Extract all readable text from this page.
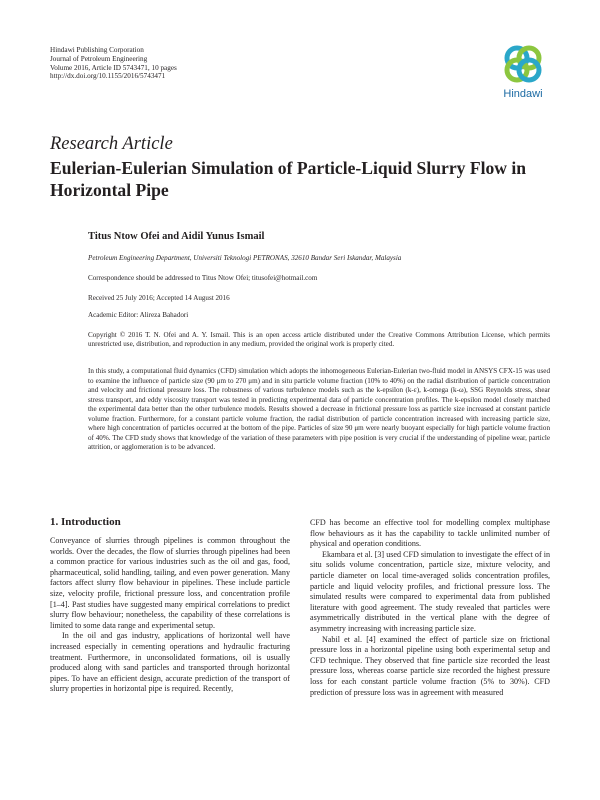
Hindawi Publishing Corporation
Journal of Petroleum Engineering
Volume 2016, Article ID 5743471, 10 pages
http://dx.doi.org/10.1155/2016/5743471
Hindawi
Research Article
Eulerian-Eulerian Simulation of Particle-Liquid Slurry Flow in Horizontal Pipe
Titus Ntow Ofei and Aidil Yunus Ismail
Petroleum Engineering Department, Universiti Teknologi PETRONAS, 32610 Bandar Seri Iskandar, Malaysia
Correspondence should be addressed to Titus Ntow Ofei; titusofei@hotmail.com
Received 25 July 2016; Accepted 14 August 2016
Academic Editor: Alireza Bahadori
Copyright © 2016 T. N. Ofei and A. Y. Ismail. This is an open access article distributed under the Creative Commons Attribution License, which permits unrestricted use, distribution, and reproduction in any medium, provided the original work is properly cited.
In this study, a computational fluid dynamics (CFD) simulation which adopts the inhomogeneous Eulerian-Eulerian two-fluid model in ANSYS CFX-15 was used to examine the influence of particle size (90 μm to 270 μm) and in situ particle volume fraction (10% to 40%) on the radial distribution of particle concentration and velocity and frictional pressure loss. The robustness of various turbulence models such as the k-epsilon (k-ε), k-omega (k-ω), SSG Reynolds stress, shear stress transport, and eddy viscosity transport was tested in predicting experimental data of particle concentration profiles. The k-epsilon model closely matched the experimental data better than the other turbulence models. Results showed a decrease in frictional pressure loss as particle size increased at constant particle volume fraction. Furthermore, for a constant particle volume fraction, the radial distribution of particle concentration increased with increasing particle size, where high concentration of particles occurred at the bottom of the pipe. Particles of size 90 μm were nearly buoyant especially for high particle volume fraction of 40%. The CFD study shows that knowledge of the variation of these parameters with pipe position is very crucial if the understanding of pipeline wear, particle attrition, or agglomeration is to be advanced.
1. Introduction

Conveyance of slurries through pipelines is common throughout the worlds. Over the decades, the flow of slurries through pipelines had been a common practice for various industries such as the oil and gas, food, pharmaceutical, solid handling, tailing, and even power generation. Many factors affect slurry flow behaviour in pipelines. These include particle size, velocity profile, frictional pressure loss, and concentration profile [1–4]. Past studies have suggested many empirical correlations to predict slurry flow behaviour; nonetheless, the capability of these correlations is limited to some data range and experimental setup.

In the oil and gas industry, applications of horizontal well have increased especially in cementing operations and hydraulic fracturing treatment. Furthermore, in unconsolidated formations, oil is usually produced along with sand particles and transported through horizontal pipes. To have an efficient design, accurate prediction of the transport of slurry properties in horizontal pipe is required. Recently,

CFD has become an effective tool for modelling complex multiphase flow behaviours as it has the capability to tackle unlimited number of physical and operation conditions.

Ekambara et al. [3] used CFD simulation to investigate the effect of in situ solids volume concentration, particle size, mixture velocity, and particle diameter on local time-averaged solids concentration profiles, particle and liquid velocity profiles, and frictional pressure loss. The simulated results were compared to experimental data from published literature with good agreement. The study revealed that particles were asymmetrically distributed in the vertical plane with the degree of asymmetry increasing with increasing particle size.

Nabil et al. [4] examined the effect of particle size on frictional pressure loss in a horizontal pipeline using both experimental setup and CFD technique. They observed that fine particle size recorded the least pressure loss, whereas coarse particle size recorded the highest pressure loss for each constant particle volume fraction (5% to 30%). CFD prediction of pressure loss was in agreement with measured
